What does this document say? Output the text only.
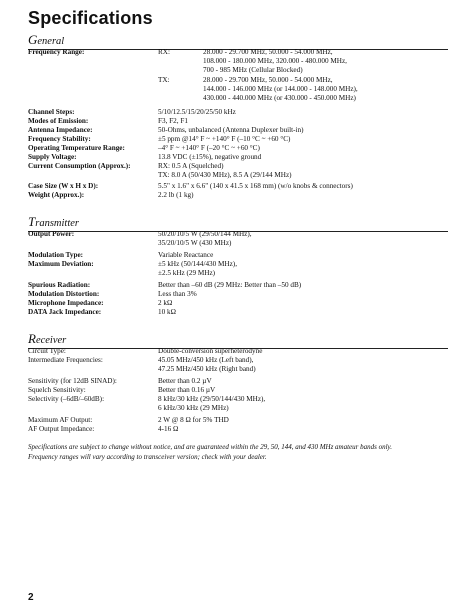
Specifications
General
Frequency Range:	RX:	28.000 - 29.700 MHz, 50.000 - 54.000 MHz,
108.000 - 180.000 MHz, 320.000 - 480.000 MHz,
700 - 985 MHz (Cellular Blocked)
TX:	28.000 - 29.700 MHz, 50.000 - 54.000 MHz,
144.000 - 146.000 MHz (or 144.000 - 148.000 MHz),
430.000 - 440.000 MHz (or 430.000 - 450.000 MHz)
Channel Steps:	5/10/12.5/15/20/25/50 kHz
Modes of Emission:	F3, F2, F1
Antenna Impedance:	50-Ohms, unbalanced (Antenna Duplexer built-in)
Frequency Stability:	±5 ppm @14° F ~ +140° F (–10 °C ~ +60 °C)
Operating Temperature Range:	–4° F ~ +140° F (–20 °C ~ +60 °C)
Supply Voltage:	13.8 VDC (±15%), negative ground
Current Consumption (Approx.):	RX: 0.5 A (Squelched)
TX: 8.0 A (50/430 MHz), 8.5 A (29/144 MHz)
Case Size (W x H x D):	5.5" x 1.6" x 6.6" (140 x 41.5 x 168 mm) (w/o knobs & connectors)
Weight (Approx.):	2.2 lb (1 kg)
Transmitter
Output Power:	50/20/10/5 W (29/50/144 MHz),
35/20/10/5 W (430 MHz)
Modulation Type:	Variable Reactance
Maximum Deviation:	±5 kHz (50/144/430 MHz),
±2.5 kHz (29 MHz)
Spurious Radiation:	Better than –60 dB (29 MHz: Better than –50 dB)
Modulation Distortion:	Less than 3%
Microphone Impedance:	2 kΩ
DATA Jack Impedance:	10 kΩ
Receiver
Circuit Type:	Double-conversion superheterodyne
Intermediate Frequencies:	45.05 MHz/450 kHz (Left band),
47.25 MHz/450 kHz (Right band)
Sensitivity (for 12dB SINAD):	Better than 0.2 µV
Squelch Sensitivity:	Better than 0.16 µV
Selectivity (–6dB/–60dB):	8 kHz/30 kHz (29/50/144/430 MHz),
6 kHz/30 kHz (29 MHz)
Maximum AF Output:	2 W @ 8 Ω for 5% THD
AF Output Impedance:	4-16 Ω
Specifications are subject to change without notice, and are guaranteed within the 29, 50, 144, and 430 MHz amateur bands only.
Frequency ranges will vary according to transceiver version; check with your dealer.
2
